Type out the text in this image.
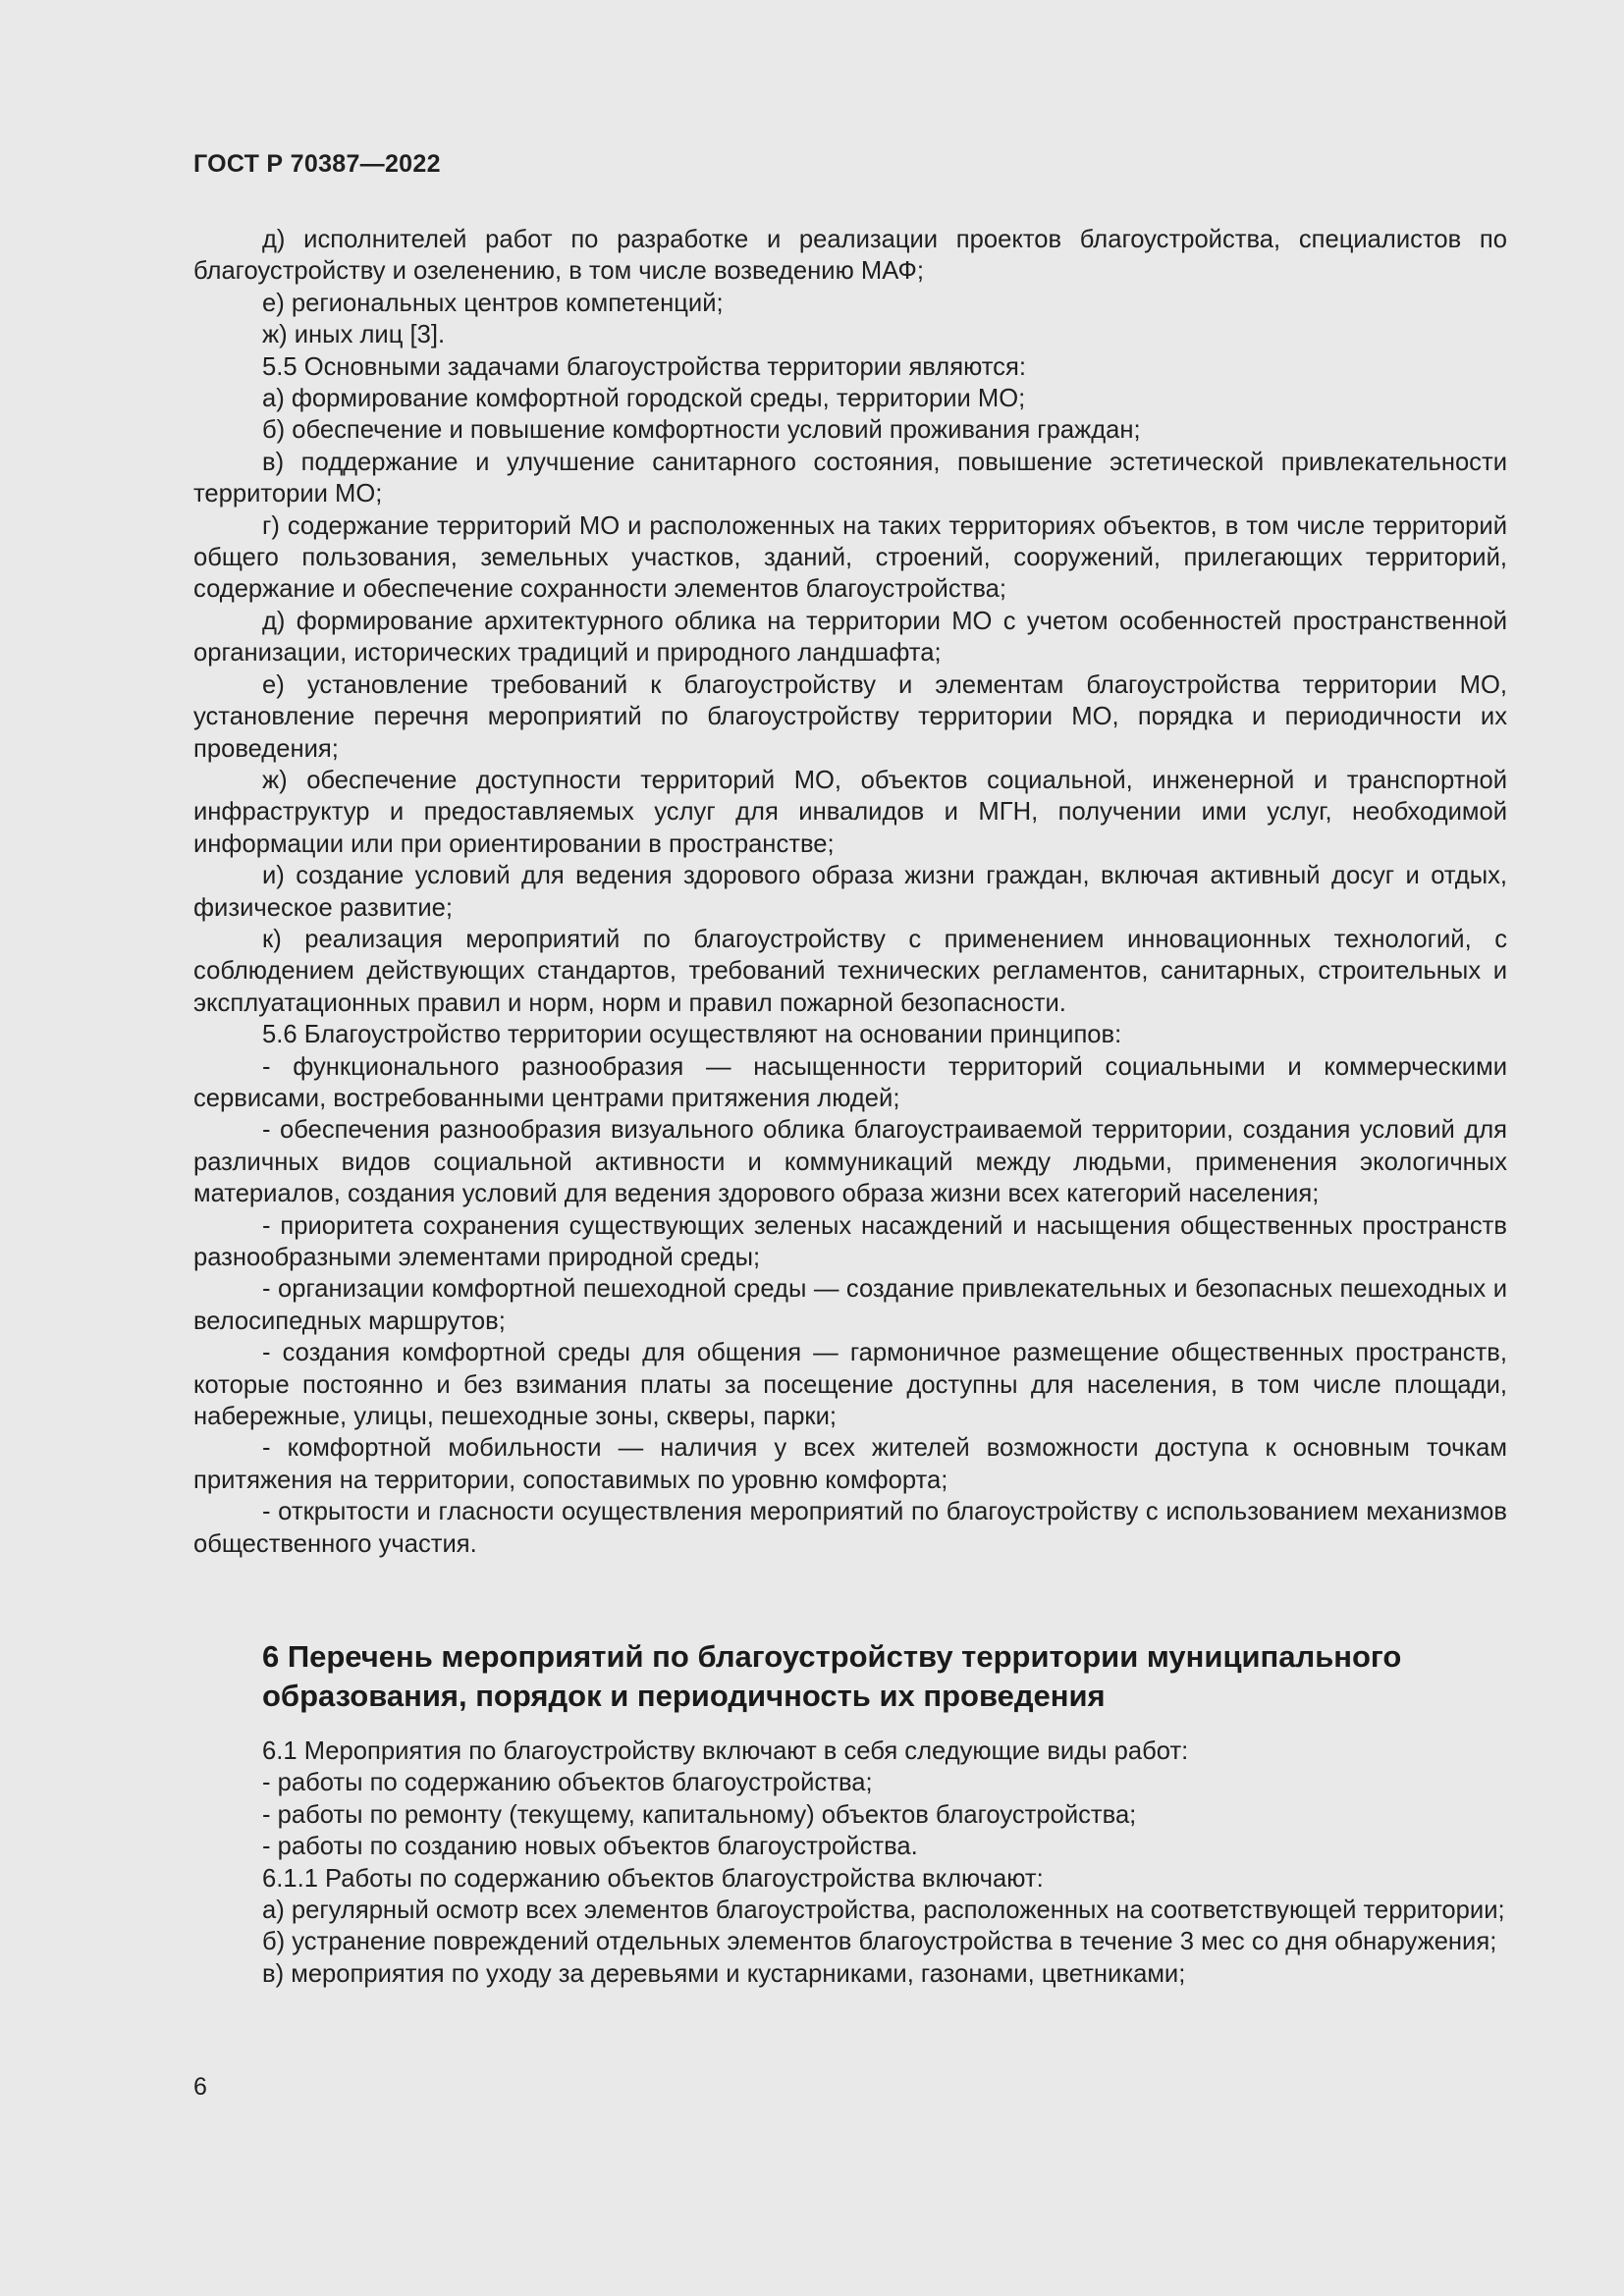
ГОСТ Р 70387—2022

д) исполнителей работ по разработке и реализации проектов благоустройства, специалистов по благоустройству и озеленению, в том числе возведению МАФ;

е) региональных центров компетенций;

ж) иных лиц [3].

5.5 Основными задачами благоустройства территории являются:

а) формирование комфортной городской среды, территории МО;

б) обеспечение и повышение комфортности условий проживания граждан;

в) поддержание и улучшение санитарного состояния, повышение эстетической привлекательности территории МО;

г) содержание территорий МО и расположенных на таких территориях объектов, в том числе территорий общего пользования, земельных участков, зданий, строений, сооружений, прилегающих территорий, содержание и обеспечение сохранности элементов благоустройства;

д) формирование архитектурного облика на территории МО с учетом особенностей пространственной организации, исторических традиций и природного ландшафта;

е) установление требований к благоустройству и элементам благоустройства территории МО, установление перечня мероприятий по благоустройству территории МО, порядка и периодичности их проведения;

ж) обеспечение доступности территорий МО, объектов социальной, инженерной и транспортной инфраструктур и предоставляемых услуг для инвалидов и МГН, получении ими услуг, необходимой информации или при ориентировании в пространстве;

и) создание условий для ведения здорового образа жизни граждан, включая активный досуг и отдых, физическое развитие;

к) реализация мероприятий по благоустройству с применением инновационных технологий, с соблюдением действующих стандартов, требований технических регламентов, санитарных, строительных и эксплуатационных правил и норм, норм и правил пожарной безопасности.

5.6 Благоустройство территории осуществляют на основании принципов:

- функционального разнообразия — насыщенности территорий социальными и коммерческими сервисами, востребованными центрами притяжения людей;

- обеспечения разнообразия визуального облика благоустраиваемой территории, создания условий для различных видов социальной активности и коммуникаций между людьми, применения экологичных материалов, создания условий для ведения здорового образа жизни всех категорий населения;

- приоритета сохранения существующих зеленых насаждений и насыщения общественных пространств разнообразными элементами природной среды;

- организации комфортной пешеходной среды — создание привлекательных и безопасных пешеходных и велосипедных маршрутов;

- создания комфортной среды для общения — гармоничное размещение общественных пространств, которые постоянно и без взимания платы за посещение доступны для населения, в том числе площади, набережные, улицы, пешеходные зоны, скверы, парки;

- комфортной мобильности — наличия у всех жителей возможности доступа к основным точкам притяжения на территории, сопоставимых по уровню комфорта;

- открытости и гласности осуществления мероприятий по благоустройству с использованием механизмов общественного участия.

6 Перечень мероприятий по благоустройству территории муниципального
образования, порядок и периодичность их проведения

6.1 Мероприятия по благоустройству включают в себя следующие виды работ:

- работы по содержанию объектов благоустройства;

- работы по ремонту (текущему, капитальному) объектов благоустройства;

- работы по созданию новых объектов благоустройства.

6.1.1 Работы по содержанию объектов благоустройства включают:

а) регулярный осмотр всех элементов благоустройства, расположенных на соответствующей территории;

б) устранение повреждений отдельных элементов благоустройства в течение 3 мес со дня обнаружения;

в) мероприятия по уходу за деревьями и кустарниками, газонами, цветниками;

6
